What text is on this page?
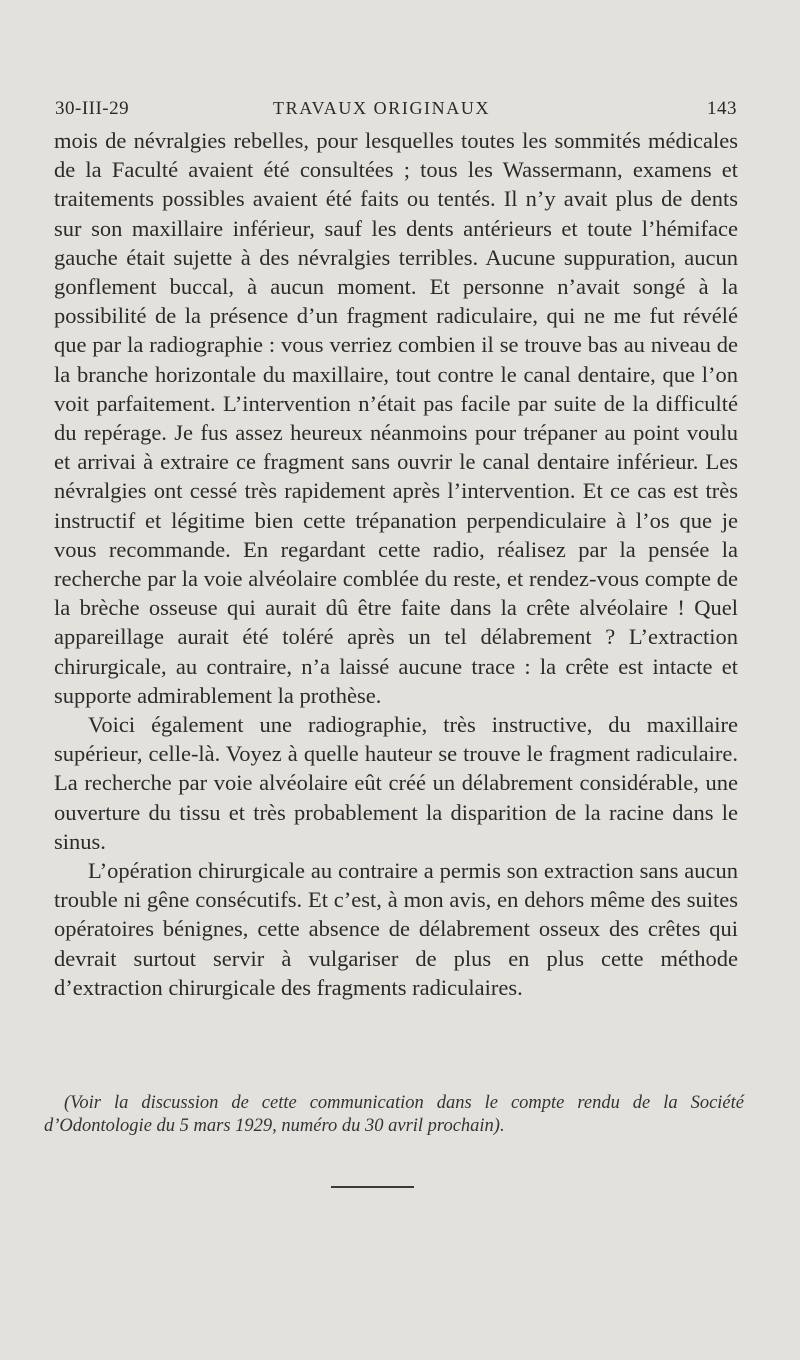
30-III-29	TRAVAUX ORIGINAUX	143

mois de névralgies rebelles, pour lesquelles toutes les sommités médicales de la Faculté avaient été consultées ; tous les Wassermann, examens et traitements possibles avaient été faits ou tentés. Il n’y avait plus de dents sur son maxillaire inférieur, sauf les dents antérieurs et toute l’hémiface gauche était sujette à des névralgies terribles. Aucune suppuration, aucun gonflement buccal, à aucun moment. Et personne n’avait songé à la possibilité de la présence d’un fragment radiculaire, qui ne me fut révélé que par la radiographie : vous verriez combien il se trouve bas au niveau de la branche horizontale du maxillaire, tout contre le canal dentaire, que l’on voit parfaitement. L’intervention n’était pas facile par suite de la difficulté du repérage. Je fus assez heureux néanmoins pour trépaner au point voulu et arrivai à extraire ce fragment sans ouvrir le canal dentaire inférieur. Les névralgies ont cessé très rapidement après l’intervention. Et ce cas est très instructif et légitime bien cette trépanation perpendiculaire à l’os que je vous recommande. En regardant cette radio, réalisez par la pensée la recherche par la voie alvéolaire comblée du reste, et rendez-vous compte de la brèche osseuse qui aurait dû être faite dans la crête alvéolaire ! Quel appareillage aurait été toléré après un tel délabrement ? L’extraction chirurgicale, au contraire, n’a laissé aucune trace : la crête est intacte et supporte admirablement la prothèse.

Voici également une radiographie, très instructive, du maxillaire supérieur, celle-là. Voyez à quelle hauteur se trouve le fragment radiculaire. La recherche par voie alvéolaire eût créé un délabrement considérable, une ouverture du tissu et très probablement la disparition de la racine dans le sinus.

L’opération chirurgicale au contraire a permis son extraction sans aucun trouble ni gêne consécutifs. Et c’est, à mon avis, en dehors même des suites opératoires bénignes, cette absence de délabrement osseux des crêtes qui devrait surtout servir à vulgariser de plus en plus cette méthode d’extraction chirurgicale des fragments radiculaires.

(Voir la discussion de cette communication dans le compte rendu de la Société d’Odontologie du 5 mars 1929, numéro du 30 avril prochain).
